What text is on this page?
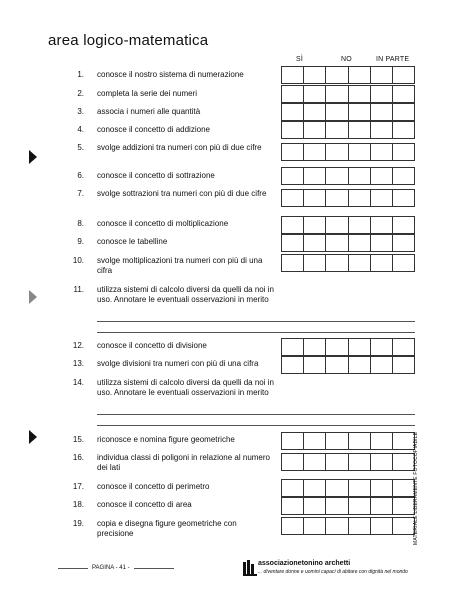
area logico-matematica
SÌ	NO	IN PARTE
1. conosce il nostro sistema di numerazione
2. completa la serie dei numeri
3. associa i numeri alle quantità
4. conosce il concetto di addizione
5. svolge addizioni tra numeri con più di due cifre
6. conosce il concetto di sottrazione
7. svolge sottrazioni tra numeri con più di due cifre
8. conosce il concetto di moltiplicazione
9. conosce le tabelline
10. svolge moltiplicazioni tra numeri con più di una cifra
11. utilizza sistemi di calcolo diversi da quelli da noi in uso. Annotare le eventuali osservazioni in merito
12. conosce il concetto di divisione
13. svolge divisioni tra numeri con più di una cifra
14. utilizza sistemi di calcolo diversi da quelli da noi in uso. Annotare le eventuali osservazioni in merito
15. riconosce e nomina figure geometriche
16. individua classi di poligoni in relazione al numero dei lati
17. conosce il concetto di perimetro
18. conosce il concetto di area
19. copia e disegna figure geometriche con precisione
PAGINA - 41 -
associazionetonino archetti
... diventare donne e uomini capaci di abitare con dignità nel mondo
MATERIALE LIBERAMENTE FOTOCOPIABILE
